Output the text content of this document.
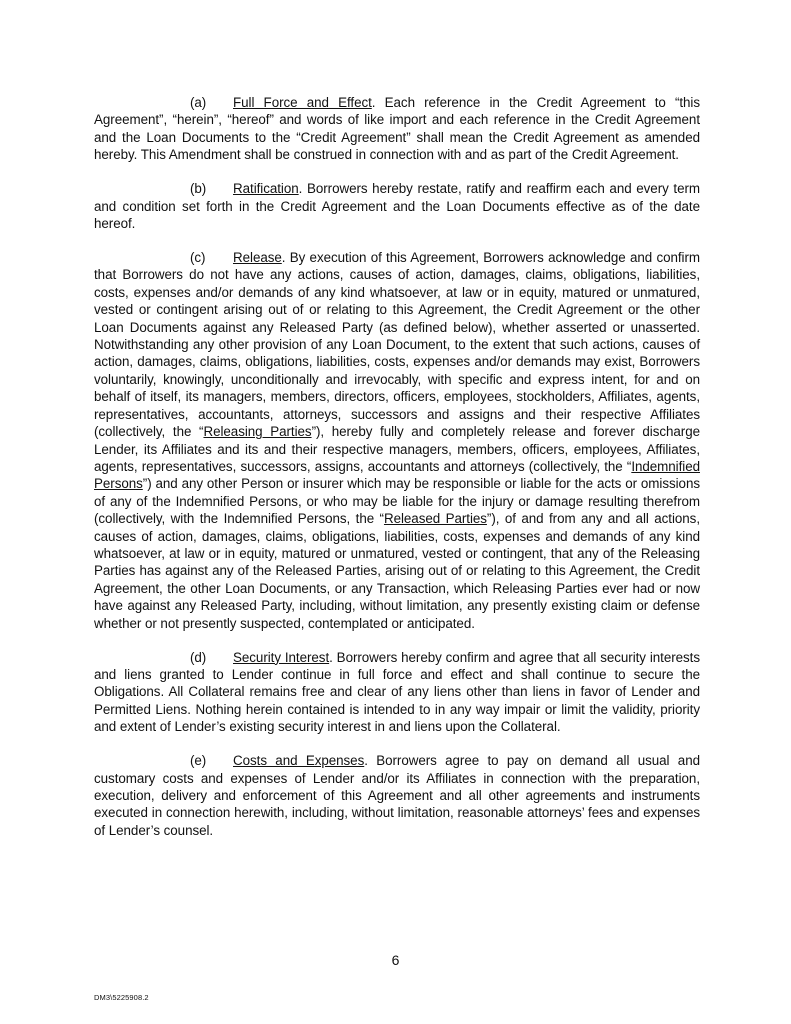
(a) Full Force and Effect. Each reference in the Credit Agreement to “this Agreement”, “herein”, “hereof” and words of like import and each reference in the Credit Agreement and the Loan Documents to the “Credit Agreement” shall mean the Credit Agreement as amended hereby. This Amendment shall be construed in connection with and as part of the Credit Agreement.

(b) Ratification. Borrowers hereby restate, ratify and reaffirm each and every term and condition set forth in the Credit Agreement and the Loan Documents effective as of the date hereof.

(c) Release. By execution of this Agreement, Borrowers acknowledge and confirm that Borrowers do not have any actions, causes of action, damages, claims, obligations, liabilities, costs, expenses and/or demands of any kind whatsoever, at law or in equity, matured or unmatured, vested or contingent arising out of or relating to this Agreement, the Credit Agreement or the other Loan Documents against any Released Party (as defined below), whether asserted or unasserted. Notwithstanding any other provision of any Loan Document, to the extent that such actions, causes of action, damages, claims, obligations, liabilities, costs, expenses and/or demands may exist, Borrowers voluntarily, knowingly, unconditionally and irrevocably, with specific and express intent, for and on behalf of itself, its managers, members, directors, officers, employees, stockholders, Affiliates, agents, representatives, accountants, attorneys, successors and assigns and their respective Affiliates (collectively, the “Releasing Parties”), hereby fully and completely release and forever discharge Lender, its Affiliates and its and their respective managers, members, officers, employees, Affiliates, agents, representatives, successors, assigns, accountants and attorneys (collectively, the “Indemnified Persons”) and any other Person or insurer which may be responsible or liable for the acts or omissions of any of the Indemnified Persons, or who may be liable for the injury or damage resulting therefrom (collectively, with the Indemnified Persons, the “Released Parties”), of and from any and all actions, causes of action, damages, claims, obligations, liabilities, costs, expenses and demands of any kind whatsoever, at law or in equity, matured or unmatured, vested or contingent, that any of the Releasing Parties has against any of the Released Parties, arising out of or relating to this Agreement, the Credit Agreement, the other Loan Documents, or any Transaction, which Releasing Parties ever had or now have against any Released Party, including, without limitation, any presently existing claim or defense whether or not presently suspected, contemplated or anticipated.

(d) Security Interest. Borrowers hereby confirm and agree that all security interests and liens granted to Lender continue in full force and effect and shall continue to secure the Obligations. All Collateral remains free and clear of any liens other than liens in favor of Lender and Permitted Liens. Nothing herein contained is intended to in any way impair or limit the validity, priority and extent of Lender’s existing security interest in and liens upon the Collateral.

(e) Costs and Expenses. Borrowers agree to pay on demand all usual and customary costs and expenses of Lender and/or its Affiliates in connection with the preparation, execution, delivery and enforcement of this Agreement and all other agreements and instruments executed in connection herewith, including, without limitation, reasonable attorneys’ fees and expenses of Lender’s counsel.

6
DM3\5225908.2
